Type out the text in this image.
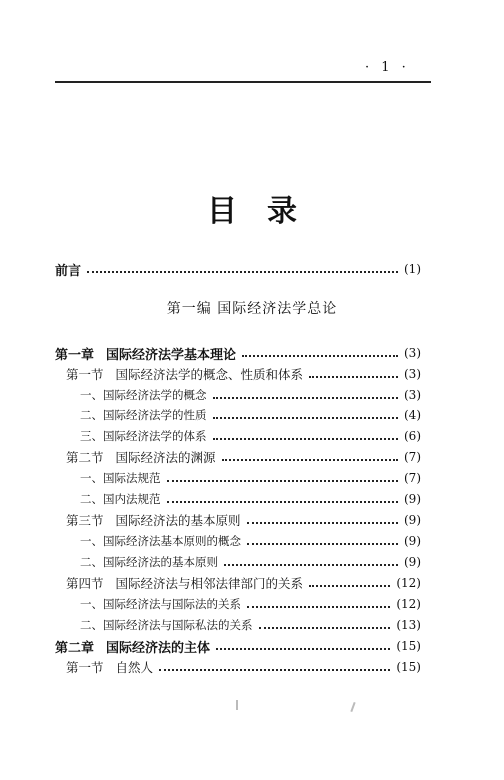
· 1 ·
目录
前言	(1)
第一编 国际经济法学总论
第一章 国际经济法学基本理论	(3)
第一节 国际经济法学的概念、性质和体系	(3)
一、国际经济法学的概念	(3)
二、国际经济法学的性质	(4)
三、国际经济法学的体系	(6)
第二节 国际经济法的渊源	(7)
一、国际法规范	(7)
二、国内法规范	(9)
第三节 国际经济法的基本原则	(9)
一、国际经济法基本原则的概念	(9)
二、国际经济法的基本原则	(9)
第四节 国际经济法与相邻法律部门的关系	(12)
一、国际经济法与国际法的关系	(12)
二、国际经济法与国际私法的关系	(13)
第二章 国际经济法的主体	(15)
第一节 自然人	(15)
